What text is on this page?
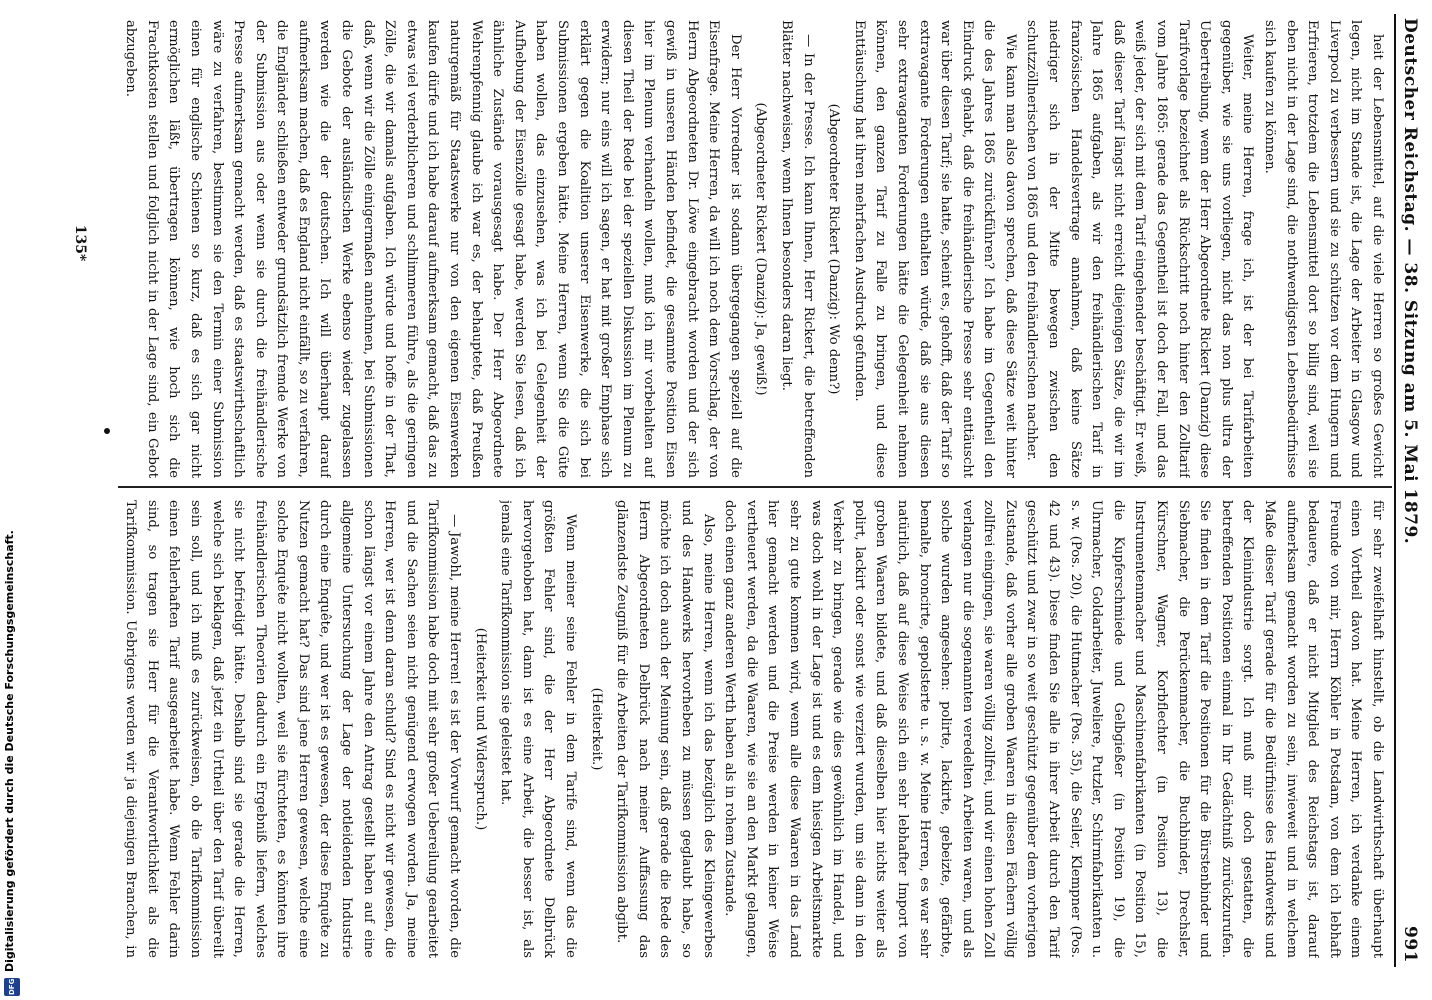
Digitalisierung gefördert durch die Deutsche Forschungsgemeinschaft.
DFG
Deutscher Reichstag. — 38. Sitzung am 5. Mai 1879.
991

heit der Lebensmittel, auf die viele Herren so großes Gewicht legen, nicht im Stande ist, die Lage der Arbeiter in Glasgow und Liverpool zu verbessern und sie zu schützen vor dem Hungern und Erfrieren, trotzdem die Lebensmittel dort so billig sind, weil sie eben nicht in der Lage sind, die nothwendigsten Lebensbedürfnisse sich kaufen zu können.

Weiter, meine Herren, frage ich, ist der bei Tarifarbeiten gegenüber, wie sie uns vorliegen, nicht das non plus ultra der Uebertreibung, wenn der Herr Abgeordnete Rickert (Danzig) diese Tarifvorlage bezeichnet als Rückschritt noch hinter den Zolltarif vom Jahre 1865: gerade das Gegentheil ist doch der Fall, und das weiß jeder, der sich mit dem Tarif eingehender beschäftigt. Er weiß, daß dieser Tarif längst nicht erreicht diejenigen Sätze, die wir im Jahre 1865 aufgaben, als wir den freihändlerischen Tarif in französischen Handelsvertrage annahmen, daß keine Sätze niedriger sich in der Mitte bewegen zwischen den schutzzöllnerischen von 1865 und den freihändlerischen nachher.

Wie kann man also davon sprechen, daß diese Sätze weit hinter die des Jahres 1865 zurückführen? Ich habe im Gegentheil den Eindruck gehabt, daß die freihändlerische Presse sehr enttäuscht war über diesen Tarif; sie hatte, scheint es, gehofft, daß der Tarif so extravagante Forderungen enthalten würde, daß sie aus diesen sehr extravaganten Forderungen hätte die Gelegenheit nehmen können, den ganzen Tarif zu Falle zu bringen, und diese Enttäuschung hat ihren mehrfachen Ausdruck gefunden.

(Abgeordneter Rickert (Danzig): Wo denn?)

— In der Presse. Ich kann Ihnen, Herr Rickert, die betreffenden Blätter nachweisen, wenn Ihnen besonders daran liegt.

(Abgeordneter Rickert (Danzig): Ja, gewiß!)

Der Herr Vorredner ist sodann übergegangen speziell auf die Eisenfrage. Meine Herren, da will ich noch dem Vorschlag, der von Herrn Abgeordneten Dr. Löwe eingebracht worden und der sich gewiß in unseren Händen befindet, die gesammte Position Eisen hier im Plenum verhandeln wollen, muß ich mir vorbehalten auf diesen Theil der Rede bei der speziellen Diskussion im Plenum zu erwidern; nur eins will ich sagen, er hat mit großer Emphase sich erklärt gegen die Koalition unserer Eisenwerke, die sich bei Submissionen ergeben hätte. Meine Herren, wenn Sie die Güte haben wollen, das einzusehen, was ich bei Gelegenheit der Aufhebung der Eisenzölle gesagt habe, werden Sie lesen, daß ich ähnliche Zustände vorausgesagt habe. Der Herr Abgeordnete Wehrenpfennig glaube ich war es, der behauptete, daß Preußen naturgemäß für Staatswerke nur von den eigenen Eisenwerken kaufen dürfe und ich habe darauf aufmerksam gemacht, daß das zu etwas viel verderblicheren und schlimmeren führe, als die geringen Zölle, die wir damals aufgaben. Ich würde und hoffe in der That, daß, wenn wir die Zölle einigermaßen annehmen, bei Submissionen die Gebote der ausländischen Werke ebenso wieder zugelassen werden wie die der deutschen. Ich will überhaupt darauf aufmerksam machen, daß es England nicht einfällt, so zu verfahren, die Engländer schließen entweder grundsätzlich fremde Werke von der Submission aus oder wenn sie durch die freihändlerische Presse aufmerksam gemacht werden, daß es staatswirthschaftlich wäre zu verfahren, bestimmen sie den Termin einer Submission einen für englische Schienen so kurz, daß es sich gar nicht ermöglichen läßt, übertragen können, wie hoch sich die Frachtkosten stellen und folglich nicht in der Lage sind, ein Gebot abzugeben.

für sehr zweifelhaft hinstellt, ob die Landwirthschaft überhaupt einen Vortheil davon hat. Meine Herren, ich verdanke einem Freunde von mir, Herrn Köhler in Potsdam, von dem ich lebhaft bedauere, daß er nicht Mitglied des Reichstags ist, darauf aufmerksam gemacht worden zu sein, inwieweit und in welchem Maße dieser Tarif gerade für die Bedürfnisse des Handwerks und der Kleinindustrie sorgt. Ich muß mir doch gestatten, die betreffenden Positionen einmal in Ihr Gedächtniß zurückzurufen. Sie finden in dem Tarif die Positionen für die Bürstenbinder und Siebmacher, die Perückenmacher, die Buchbinder, Drechsler, Kürschner, Wagner, Korbflechter (in Position 13), die Instrumentenmacher und Maschinenfabrikanten (in Position 15), die Kupferschmiede und Gelbgießer (in Position 19), die Uhrmacher, Goldarbeiter, Juweliere, Putzler, Schirmfabrikanten u. s. w. (Pos. 20), die Hutmacher (Pos. 35), die Seiler, Klempner (Pos. 42 und 43). Diese finden Sie alle in ihrer Arbeit durch den Tarif geschützt und zwar in so weit geschützt gegenüber dem vorherigen Zustande, daß vorher alle groben Waaren in diesen Fächern völlig zollfrei eingingen, sie waren völlig zollfrei, und wir einen hohen Zoll verlangen nur die sogenannten veredelten Arbeiten waren, und als solche wurden angesehen: polirte, lackirte, gebeizte, gefärbte, bemalte, broncirte, gepolsterte u. s. w. Meine Herren, es war sehr natürlich, daß auf diese Weise sich ein sehr lebhafter Import von groben Waaren bildete, und daß dieselben hier nichts weiter als polirt, lackirt oder sonst wie verziert wurden, um sie dann in den Verkehr zu bringen, gerade wie dies gewöhnlich im Handel, und was doch wohl in der Lage ist und es dem hiesigen Arbeitsmarkte sehr zu gute kommen wird, wenn alle diese Waaren in das Land hier gemacht werden und die Preise werden in keiner Weise vertheuert werden, da die Waaren, wie sie an den Markt gelangen, doch einen ganz anderen Werth haben als in rohem Zustande.

Also, meine Herren, wenn ich das bezüglich des Kleingewerbes und des Handwerks hervorheben zu müssen geglaubt habe, so möchte ich doch auch der Meinung sein, daß gerade die Rede des Herrn Abgeordneten Delbrück nach meiner Auffassung das glänzendste Zeugniß für die Arbeiten der Tarifkommission abgibt.

(Heiterkeit.)

Wenn meiner seine Fehler in dem Tarife sind, wenn das die größten Fehler sind, die der Herr Abgeordnete Delbrück hervorgehoben hat, dann ist es eine Arbeit, die besser ist, als jemals eine Tarifkommission sie geleistet hat.

(Heiterkeit und Widerspruch.)

— Jawohl, meine Herren! es ist der Vorwurf gemacht worden, die Tarifkommission habe doch mit sehr großer Uebereilung gearbeitet und die Sachen seien nicht genügend erwogen worden. Ja, meine Herren, wer ist denn daran schuld? Sind es nicht wir gewesen, die schon längst vor einem Jahre den Antrag gestellt haben auf eine allgemeine Untersuchung der Lage der notleidenden Industrie durch eine Enquête, und wer ist es gewesen, der diese Enquête zu Nutzen gemacht hat? Das sind jene Herren gewesen, welche eine solche Enquête nicht wollten, weil sie fürchteten, es könnten ihre freihändlerischen Theorien dadurch ein Ergebniß liefern, welches sie nicht befriedigt hätte. Deshalb sind sie gerade die Herren, welche sich beklagen, daß jetzt ein Urtheil über den Tarif übereilt sein soll, und ich muß es zurückweisen, ob die Tarifkommission einen fehlerhaften Tarif ausgearbeitet habe. Wenn Fehler darin sind, so tragen sie Herr für die Verantwortlichkeit als die Tarifkommission. Uebrigens werden wir ja diejenigen Branchen, in

135*
